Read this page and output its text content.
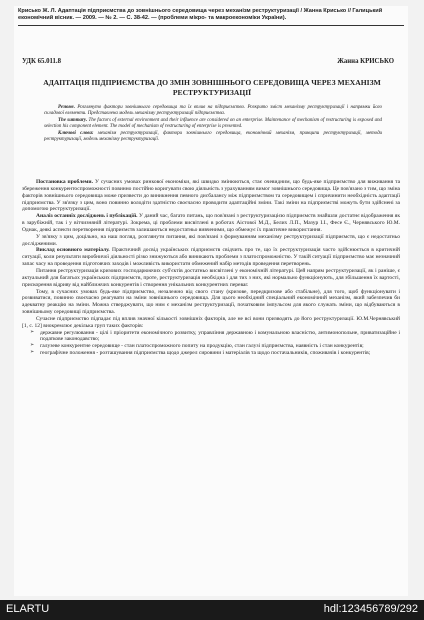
Крисько Ж. Л. Адаптація підприємства до зовнішнього середовища через механізм реструктуризації / Жанна Крисько // Галицький економічний вісник. — 2009. — № 2. — С. 38-42. — (проблеми мікро- та макроекономіки України).
УДК 65.011.8	Жанна КРИСЬКО
АДАПТАЦІЯ ПІДПРИЄМСТВА ДО ЗМІН ЗОВНІШНЬОГО СЕРЕДОВИЩА ЧЕРЕЗ МЕХАНІЗМ РЕСТРУКТУРИЗАЦІЇ

Резюме. Розглянуто фактори зовнішнього середовища та їх вплив на підприємство. Розкрито зміст механізму реструктуризації і напрямки його складової елементи. Представлена модель механізму реструктуризації підприємства.

The summary. The factors of external environment and their influence are considered on an enterprise. Maintenance of mechanism of restructuring is exposed and selection his component element. The model of mechanism of restructuring of enterprise is presented.

Ключові слова: механізм реструктуризації, фактори зовнішнього середовища, економічний механізм, принципи реструктуризації, методи реструктуризації, модель механізму реструктуризації.

Постановка проблеми. У сучасних умовах ринкової економіки, які швидко змінюються, стає очевидним, що будь-яке підприємство для виживання та збереження конкурентоспроможності повинно постійно коригувати свою діяльність з урахуванням вимог зовнішнього середовища. Це пов'язано з тим, що зміна факторів зовнішнього середовища може призвести до виникнення певного дисбалансу між підприємством та середовищем і спричинити необхідність адаптації підприємства. У зв'язку з цим, воно повинно володіти здатністю своєчасно проводити адаптаційні зміни. Такі зміни на підприємстві можуть бути здійснені за допомогою реструктуризації.

Аналіз останніх досліджень і публікацій. У даний час, багато питань, що пов'язані з реструктуризацією підприємств знайшли достатнє відображення як в зарубіжній, так і у вітчизняній літературі. Зокрема, ці проблеми висвітлені в роботах Аістової М.Д., Белих Л.П., Мазур І.І., Фесе Є., Чернявського Ю.М. Однак, деякі аспекти перетворення підприємств залишаються недостатньо вивченими, що обмежує їх практичне використання.

У зв'язку з цим, доцільно, на наш погляд, розглянути питання, які пов'язані з формуванням механізму реструктуризації підприємств, що є недостатньо дослідженими.

Виклад основного матеріалу. Практичний досвід українських підприємств свідчить про те, що їх реструктуризація часто здійснюється в критичній ситуації, коли результати виробничої діяльності різко знижуються або виникають проблеми з платоспроможністю. У такій ситуації підприємство має незначний запас часу на проведення підготовчих заходів і можливість використати обмежений набір методів проведення перетворень.

Питання реструктуризація кризових господарюючих суб'єктів достатньо висвітлені у економічній літературі. Цей напрям реструктуризації, як і раніше, є актуальний для багатьох українських підприємств, проте, реструктуризація необхідна і для тих з них, які нормально функціонують, для збільшення їх вартості, прискорення відриву від найближчих конкурентів і створення унікальних конкурентних переваг.

Тому, в сучасних умовах будь-яке підприємство, незалежно від свого стану (кризове, передкризове або стабільне), для того, щоб функціонувати і розвиватися, повинно своєчасно реагувати на зміни зовнішнього середовища. Для цього необхідний спеціальний економічний механізм, який забезпечив би адекватну реакцію на зміни. Можна стверджувати, що ним є механізм реструктуризації, початковим імпульсом для якого служать зміни, що відбуваються в зовнішньому середовищі підприємства.

Сучасне підприємство підпадає під вплив значної кількості зовнішніх факторів, але не всі вони призводять до його реструктуризації. Ю.М.Чернявський [1, с. 12] виокремлює декілька груп таких факторів:

➢ державне регулювання - цілі і пріоритети економічного розвитку, управління державною і комунальною власністю, антимонопольне, приватизаційне і податкове законодавство;
➢ галузеве конкурентне середовище - стан платоспроможного попиту на продукцію, стан галузі підприємства, наявність і стан конкурентів;
➢ географічне положення - розташування підприємства щодо джерел сировини і матеріалів та щодо постачальників, споживачів і конкурентів;
ELARTU	hdl:123456789/292
